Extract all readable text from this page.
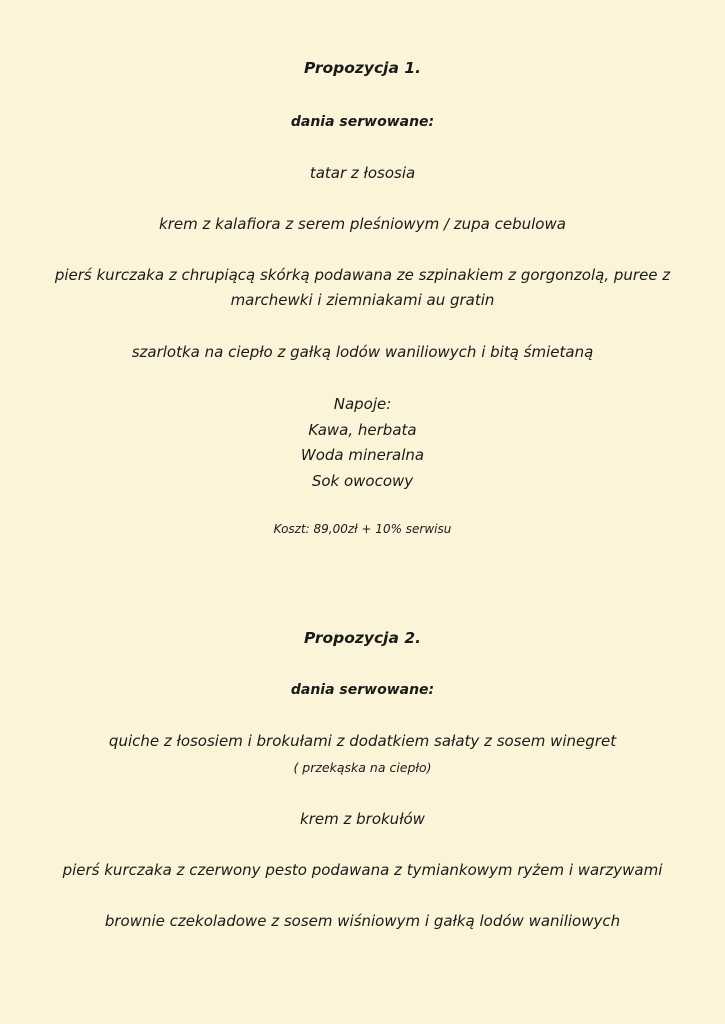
Propozycja 1.
dania serwowane:
tatar z łososia
krem z kalafiora z serem pleśniowym / zupa cebulowa
pierś kurczaka z chrupiącą skórką podawana ze szpinakiem z gorgonzolą, puree z
marchewki i ziemniakami au gratin
szarlotka na ciepło z gałką lodów waniliowych i bitą śmietaną
Napoje:
Kawa, herbata
Woda mineralna
Sok owocowy
Koszt: 89,00zł + 10% serwisu
Propozycja 2.
dania serwowane:
quiche z łososiem i brokułami z dodatkiem sałaty z sosem winegret
( przekąska na ciepło)
krem z brokułów
pierś kurczaka z czerwony pesto podawana z tymiankowym ryżem i warzywami
brownie czekoladowe z sosem wiśniowym i gałką lodów waniliowych
